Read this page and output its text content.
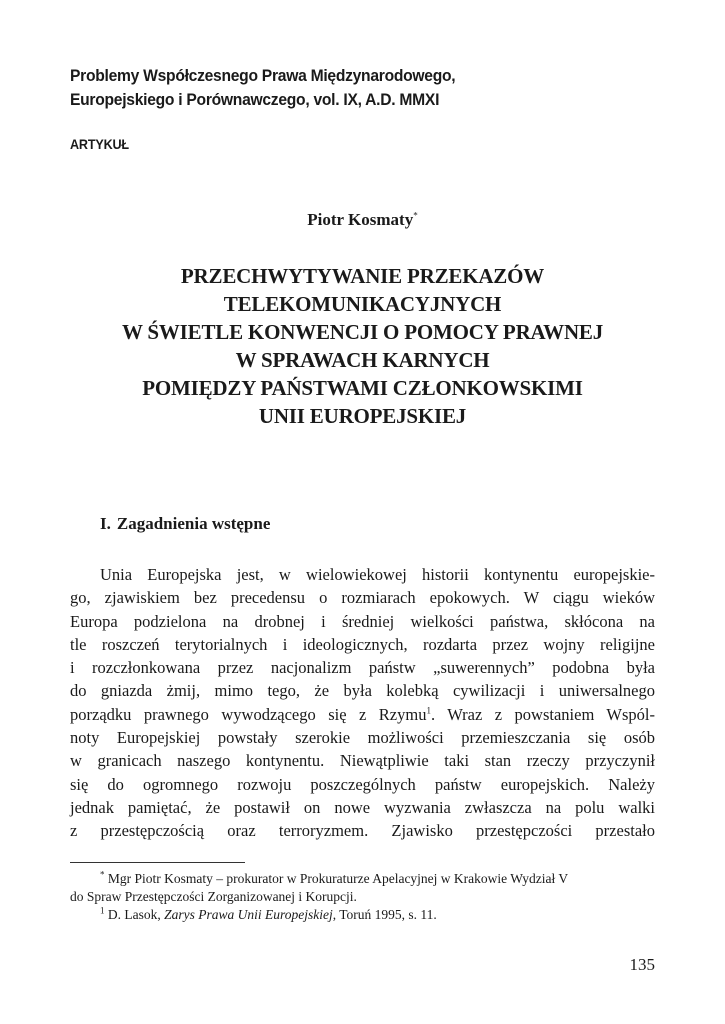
Problemy Współczesnego Prawa Międzynarodowego,
Europejskiego i Porównawczego, vol. IX, A.D. MMXI
ARTYKUŁ
Piotr Kosmaty*
PRZECHWYTYWANIE PRZEKAZÓW
TELEKOMUNIKACYJNYCH
W ŚWIETLE KONWENCJI O POMOCY PRAWNEJ
W SPRAWACH KARNYCH
POMIĘDZY PAŃSTWAMI CZŁONKOWSKIMI
UNII EUROPEJSKIEJ
I. Zagadnienia wstępne
Unia Europejska jest, w wielowiekowej historii kontynentu europejskie-
go, zjawiskiem bez precedensu o rozmiarach epokowych. W ciągu wieków
Europa podzielona na drobnej i średniej wielkości państwa, skłócona na
tle roszczeń terytorialnych i ideologicznych, rozdarta przez wojny religijne
i rozczłonkowana przez nacjonalizm państw „suwerennych” podobna była
do gniazda żmij, mimo tego, że była kolebką cywilizacji i uniwersalnego
porządku prawnego wywodzącego się z Rzymu$^1$. Wraz z powstaniem Wspól-
noty Europejskiej powstały szerokie możliwości przemieszczania się osób
w granicach naszego kontynentu. Niewątpliwie taki stan rzeczy przyczynił
się do ogromnego rozwoju poszczególnych państw europejskich. Należy
jednak pamiętać, że postawił on nowe wyzwania zwłaszcza na polu walki
z przestępczością oraz terroryzmem. Zjawisko przestępczości przestało
* Mgr Piotr Kosmaty – prokurator w Prokuraturze Apelacyjnej w Krakowie Wydział V
do Spraw Przestępczości Zorganizowanej i Korupcji.
$^1$ D. Lasok, Zarys Prawa Unii Europejskiej, Toruń 1995, s. 11.
135
